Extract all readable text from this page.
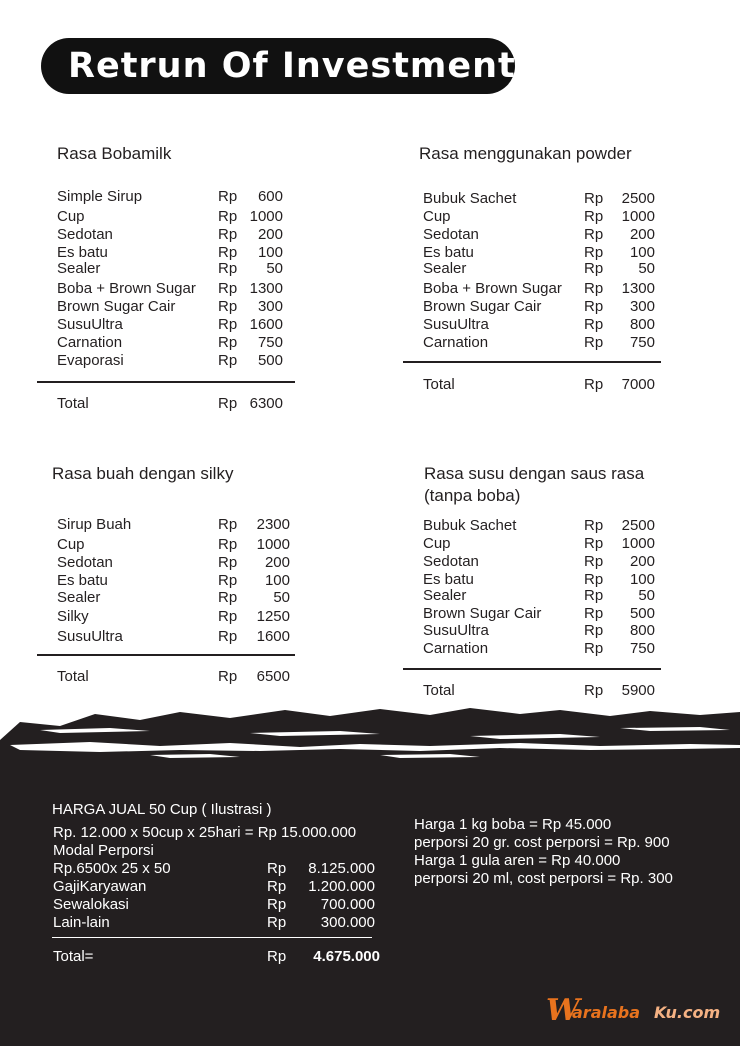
Retrun Of Investment
Rasa Bobamilk
Simple Sirup	Rp	600
Cup	Rp 1000
Sedotan	Rp	200
Es batu	Rp	100
Sealer	Rp	50
Boba + Brown Sugar Rp 1300
Brown Sugar Cair	Rp	300
SusuUltra	Rp 1600
Carnation	Rp	750
Evaporasi	Rp	500
Total	Rp 6300
Rasa menggunakan powder
Bubuk Sachet	Rp	2500
Cup	Rp	1000
Sedotan	Rp	200
Es batu	Rp	100
Sealer	Rp	50
Boba + Brown Sugar Rp	1300
Brown Sugar Cair	Rp	300
SusuUltra	Rp	800
Carnation	Rp	750
Total	Rp	7000
Rasa buah dengan silky
Sirup Buah	Rp	2300
Cup	Rp	1000
Sedotan	Rp	200
Es batu	Rp	100
Sealer	Rp	50
Silky	Rp	1250
SusuUltra	Rp	1600
Total	Rp	6500
Rasa susu dengan saus rasa
(tanpa boba)
Bubuk Sachet	Rp	2500
Cup	Rp	1000
Sedotan	Rp	200
Es batu	Rp	100
Sealer	Rp	50
Brown Sugar Cair	Rp	500
SusuUltra	Rp	800
Carnation	Rp	750
Total	Rp	5900
HARGA JUAL 50 Cup ( Ilustrasi )
Rp. 12.000 x 50cup x 25hari = Rp 15.000.000
Modal Perporsi
Rp.6500x 25 x 50	Rp	8.125.000
GajiKaryawan	Rp	1.200.000
Sewalokasi	Rp	700.000
Lain-lain	Rp	300.000
Total=	Rp	4.675.000
Harga 1 kg boba = Rp 45.000
perporsi 20 gr. cost perporsi = Rp. 900
Harga 1 gula aren = Rp 40.000
perporsi 20 ml, cost perporsi = Rp. 300
W
aralaba Ku.com
